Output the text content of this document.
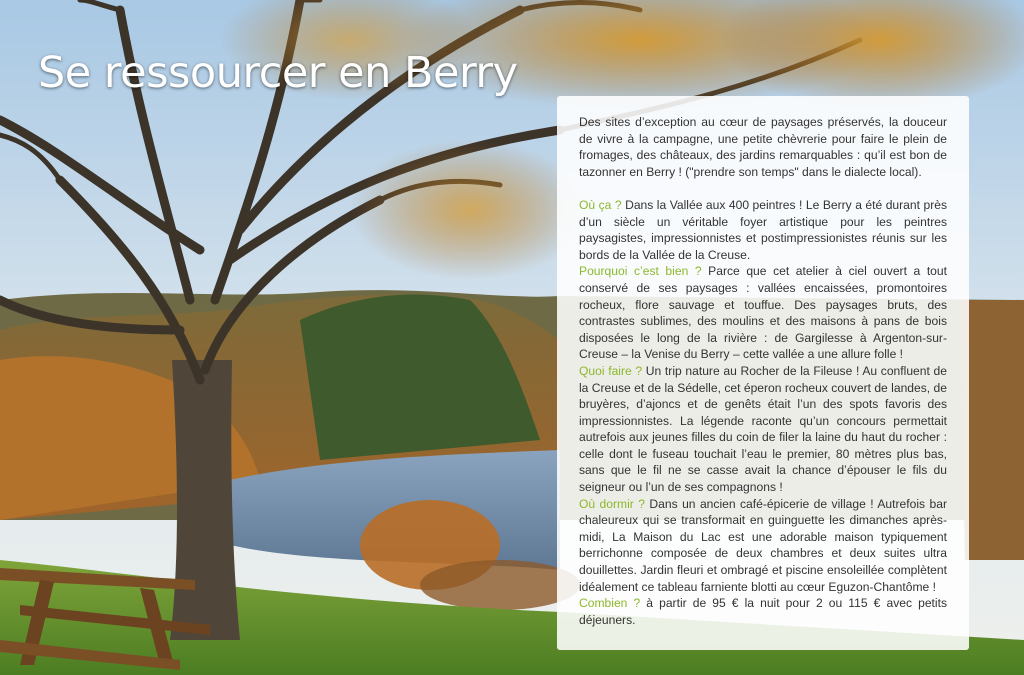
Se ressourcer en Berry

Des sites d’exception au cœur de paysages préservés, la douceur de vivre à la campagne, une petite chèvrerie pour faire le plein de fromages, des châteaux, des jardins remarquables : qu’il est bon de tazonner en Berry ! ("prendre son temps" dans le dialecte local).

Où ça ? Dans la Vallée aux 400 peintres ! Le Berry a été durant près d’un siècle un véritable foyer artistique pour les peintres paysagistes, impressionnistes et postimpressionistes réunis sur les bords de la Vallée de la Creuse.

Pourquoi c’est bien ? Parce que cet atelier à ciel ouvert a tout conservé de ses paysages : vallées encaissées, promontoires rocheux, flore sauvage et touffue. Des paysages bruts, des contrastes sublimes, des moulins et des maisons à pans de bois disposées le long de la rivière : de Gargilesse à Argenton-sur-Creuse – la Venise du Berry – cette vallée a une allure folle !

Quoi faire ? Un trip nature au Rocher de la Fileuse ! Au confluent de la Creuse et de la Sédelle, cet éperon rocheux couvert de landes, de bruyères, d’ajoncs et de genêts était l’un des spots favoris des impressionnistes. La légende raconte qu’un concours permettait autrefois aux jeunes filles du coin de filer la laine du haut du rocher : celle dont le fuseau touchait l’eau le premier, 80 mètres plus bas, sans que le fil ne se casse avait la chance d’épouser le fils du seigneur ou l’un de ses compagnons !

Où dormir ? Dans un ancien café-épicerie de village ! Autrefois bar chaleureux qui se transformait en guinguette les dimanches après-midi, La Maison du Lac est une adorable maison typiquement berrichonne composée de deux chambres et deux suites ultra douillettes. Jardin fleuri et ombragé et piscine ensoleillée complètent idéalement ce tableau farniente blotti au cœur Eguzon-Chantôme !

Combien ? à partir de 95 € la nuit pour 2 ou 115 € avec petits déjeuners.
